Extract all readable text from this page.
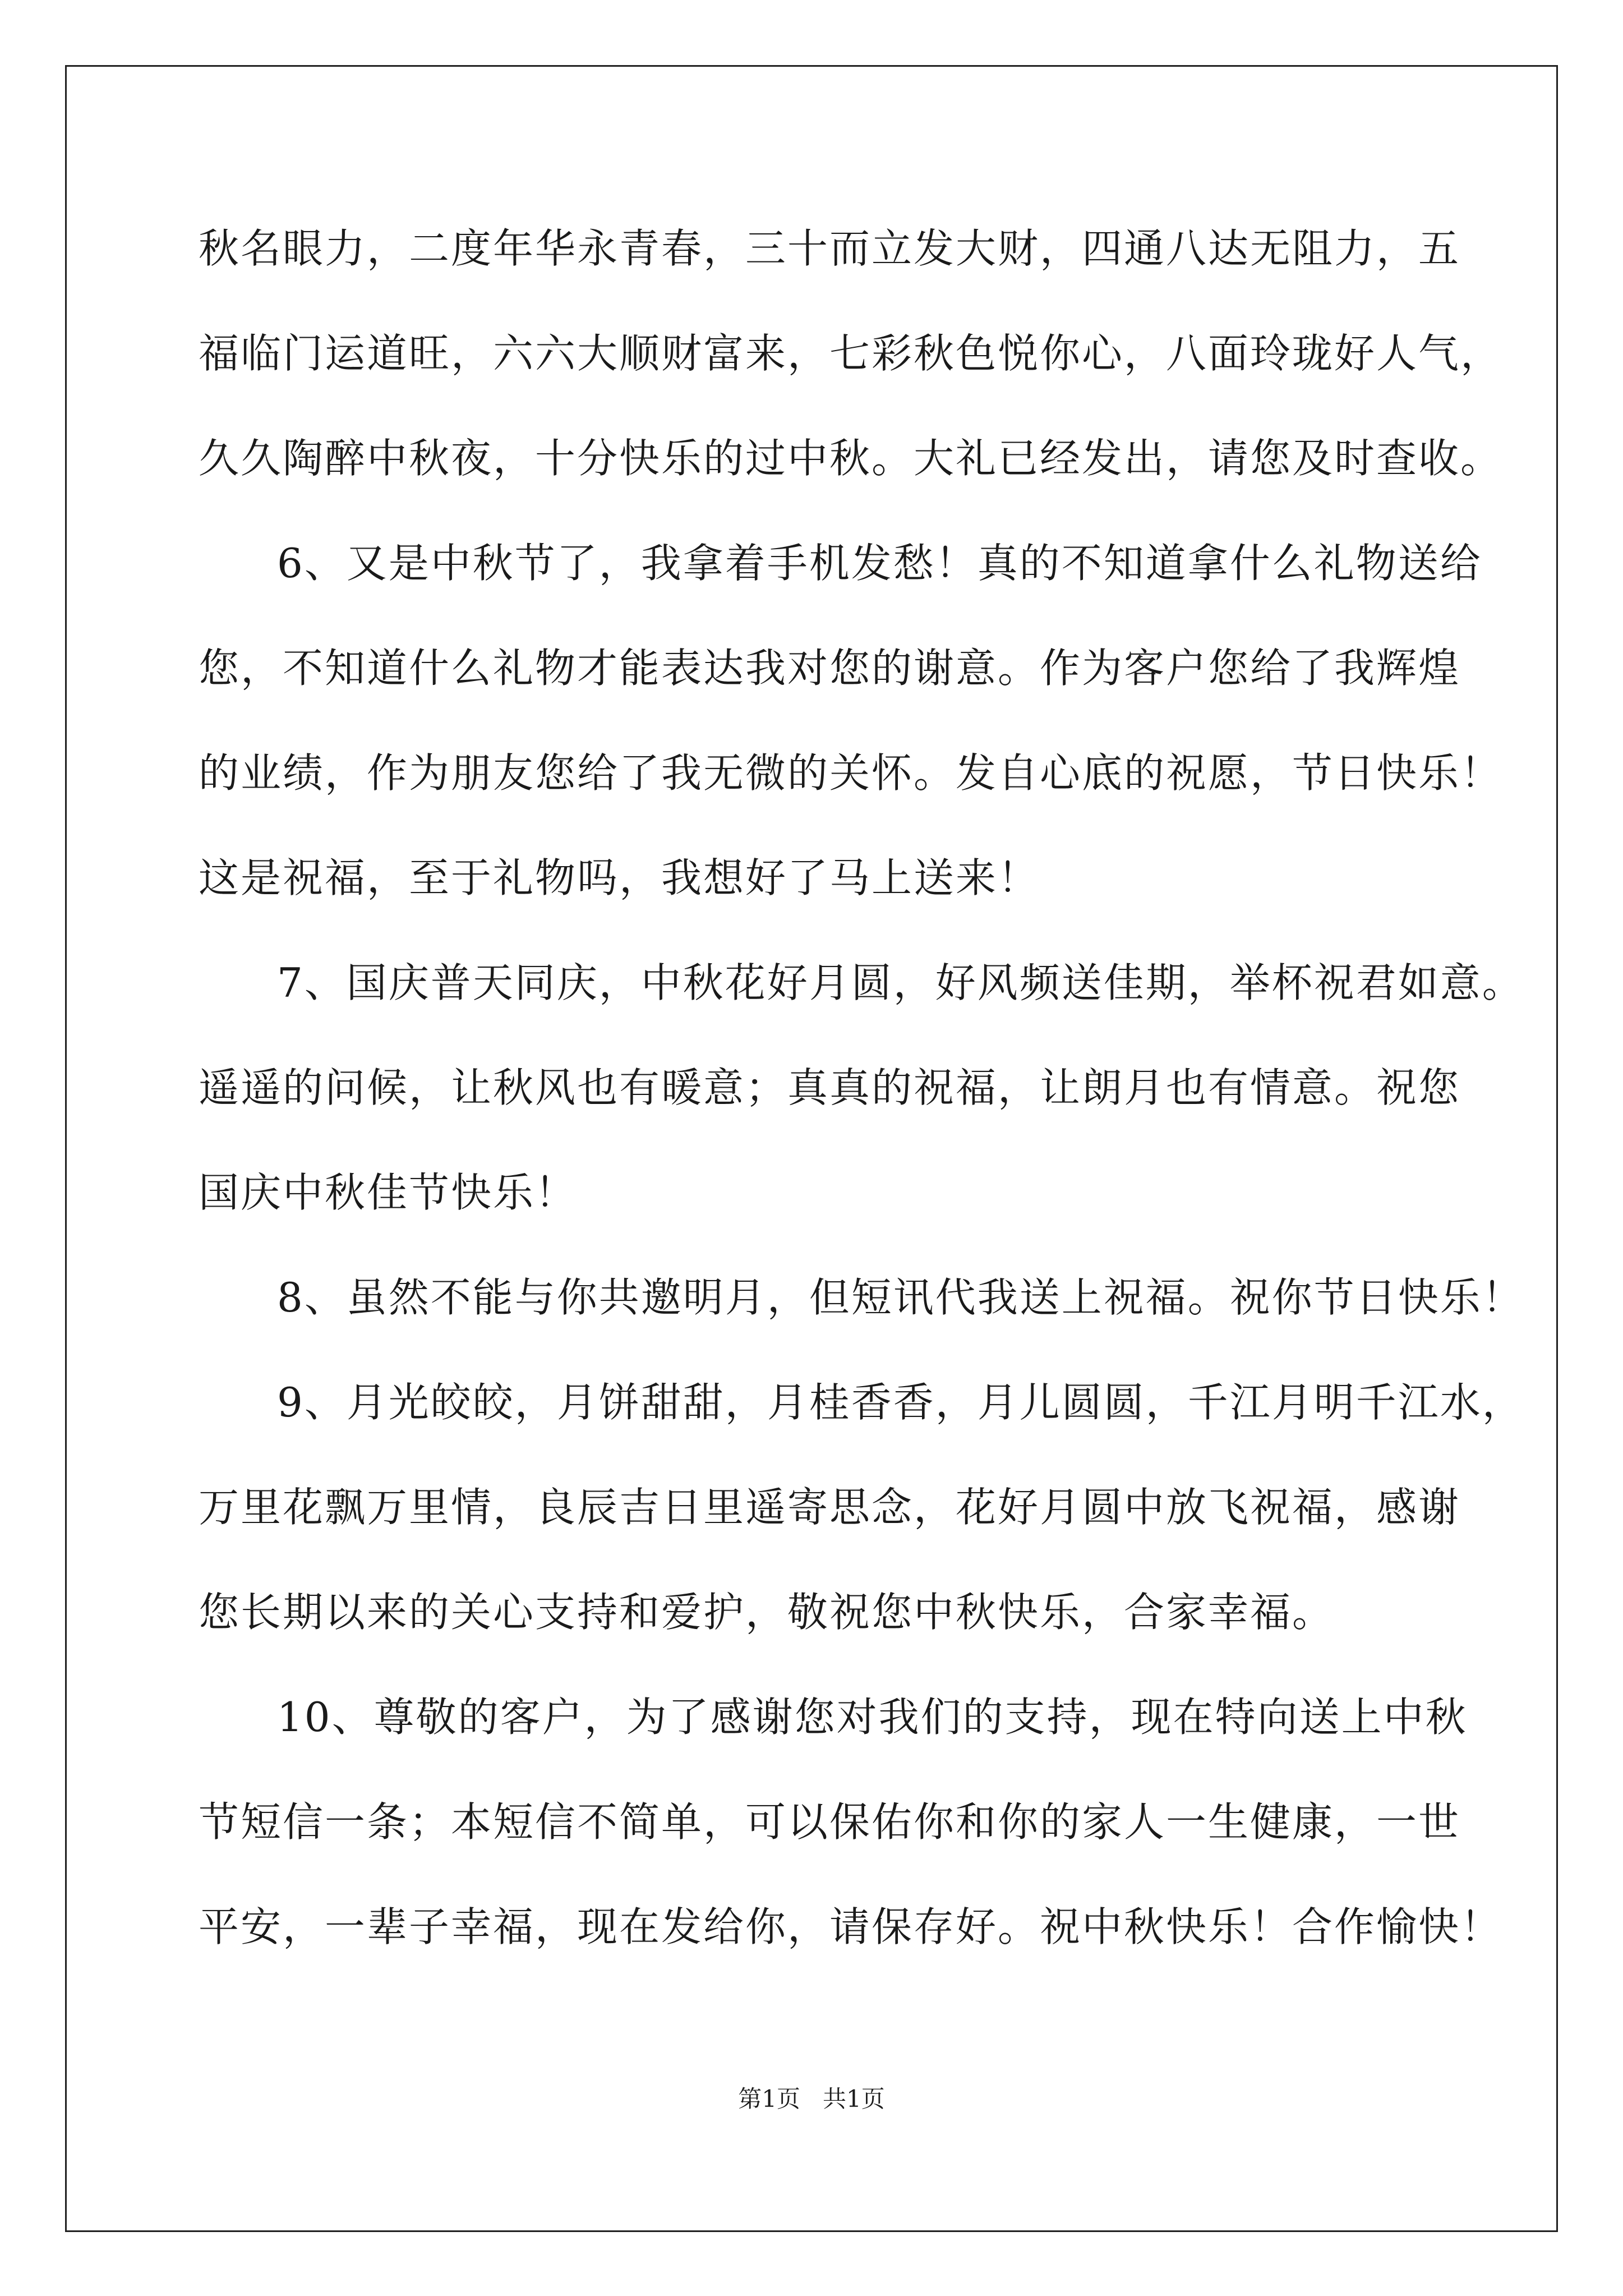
秋名眼力，二度年华永青春，三十而立发大财，四通八达无阻力，五
福临门运道旺，六六大顺财富来，七彩秋色悦你心，八面玲珑好人气，
久久陶醉中秋夜，十分快乐的过中秋。大礼已经发出，请您及时查收。
6、又是中秋节了，我拿着手机发愁！真的不知道拿什么礼物送给
您，不知道什么礼物才能表达我对您的谢意。作为客户您给了我辉煌
的业绩，作为朋友您给了我无微的关怀。发自心底的祝愿，节日快乐！
这是祝福，至于礼物吗，我想好了马上送来！
7、国庆普天同庆，中秋花好月圆，好风频送佳期，举杯祝君如意。
遥遥的问候，让秋风也有暖意；真真的祝福，让朗月也有情意。祝您
国庆中秋佳节快乐！
8、虽然不能与你共邀明月，但短讯代我送上祝福。祝你节日快乐！
9、月光皎皎，月饼甜甜，月桂香香，月儿圆圆，千江月明千江水，
万里花飘万里情，良辰吉日里遥寄思念，花好月圆中放飞祝福，感谢
您长期以来的关心支持和爱护，敬祝您中秋快乐，合家幸福。
10、尊敬的客户，为了感谢您对我们的支持，现在特向送上中秋
节短信一条；本短信不简单，可以保佑你和你的家人一生健康，一世
平安，一辈子幸福，现在发给你，请保存好。祝中秋快乐！合作愉快！
第1页   共1页
